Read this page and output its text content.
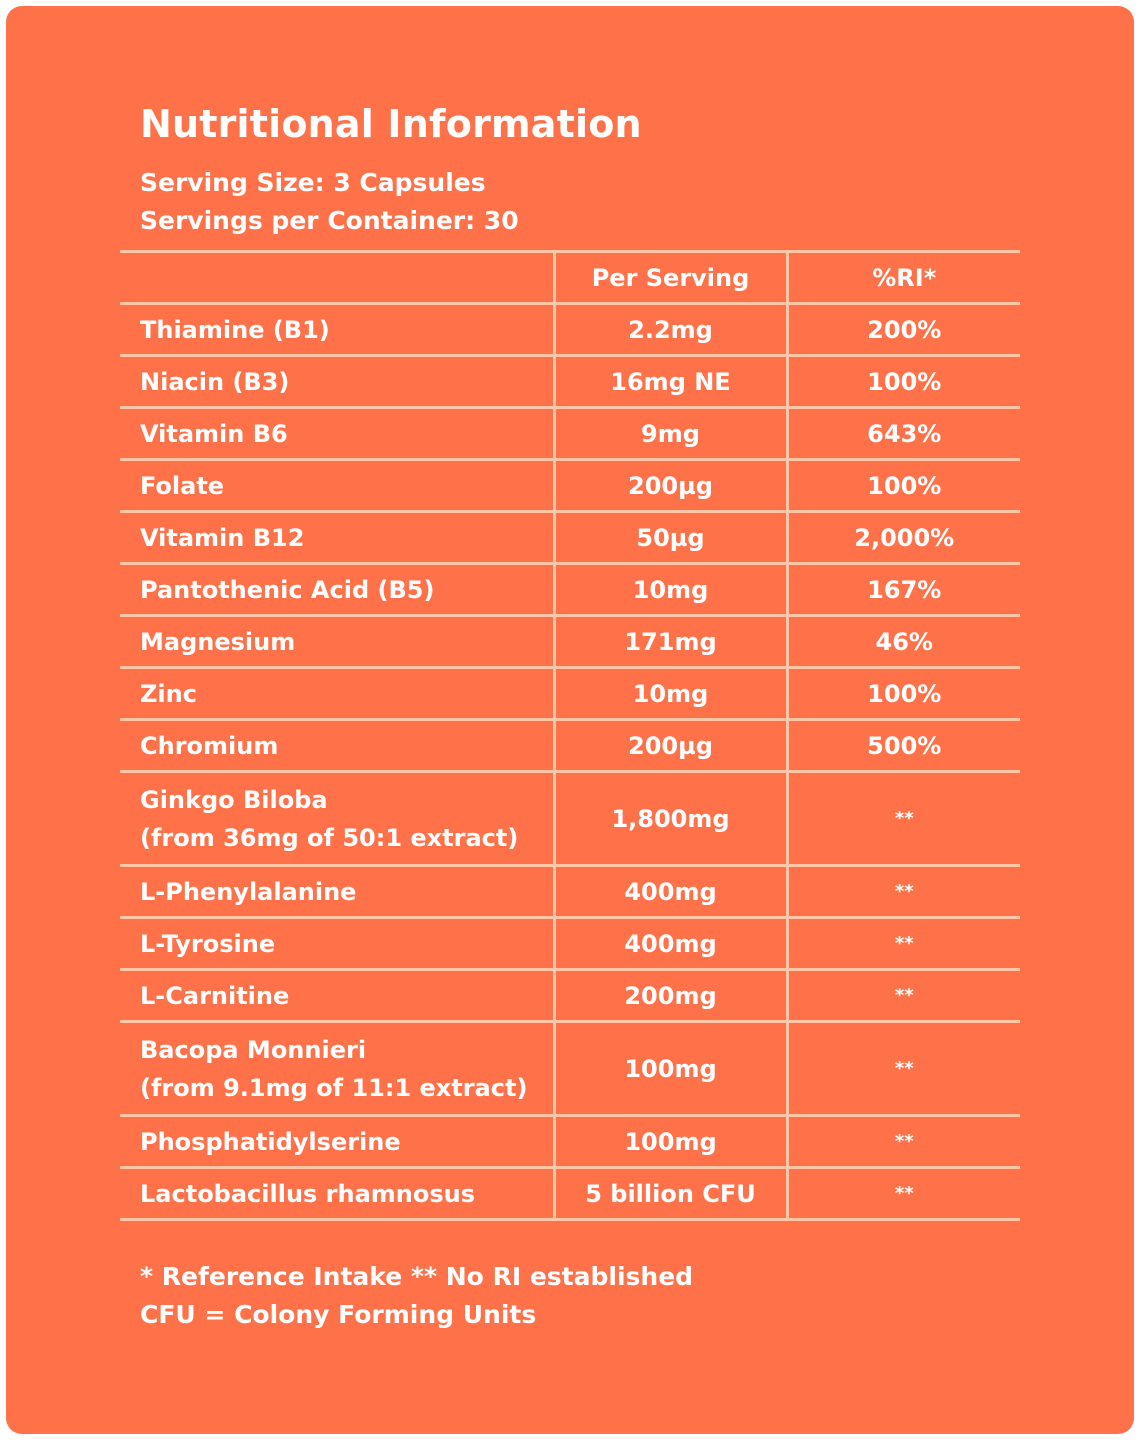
Nutritional Information
Serving Size: 3 Capsules
Servings per Container: 30
	Per Serving	%RI*
Thiamine (B1)	2.2mg	200%
Niacin (B3)	16mg NE	100%
Vitamin B6	9mg	643%
Folate	200µg	100%
Vitamin B12	50µg	2,000%
Pantothenic Acid (B5)	10mg	167%
Magnesium	171mg	46%
Zinc	10mg	100%
Chromium	200µg	500%

Ginkgo Biloba
(from 36mg of 50:1 extract)	1,800mg	**
L-Phenylalanine	400mg	**
L-Tyrosine	400mg	**
L-Carnitine	200mg	**

Bacopa Monnieri
(from 9.1mg of 11:1 extract)	100mg	**
Phosphatidylserine	100mg	**
Lactobacillus rhamnosus	5 billion CFU	**
* Reference Intake ** No RI established
CFU = Colony Forming Units
